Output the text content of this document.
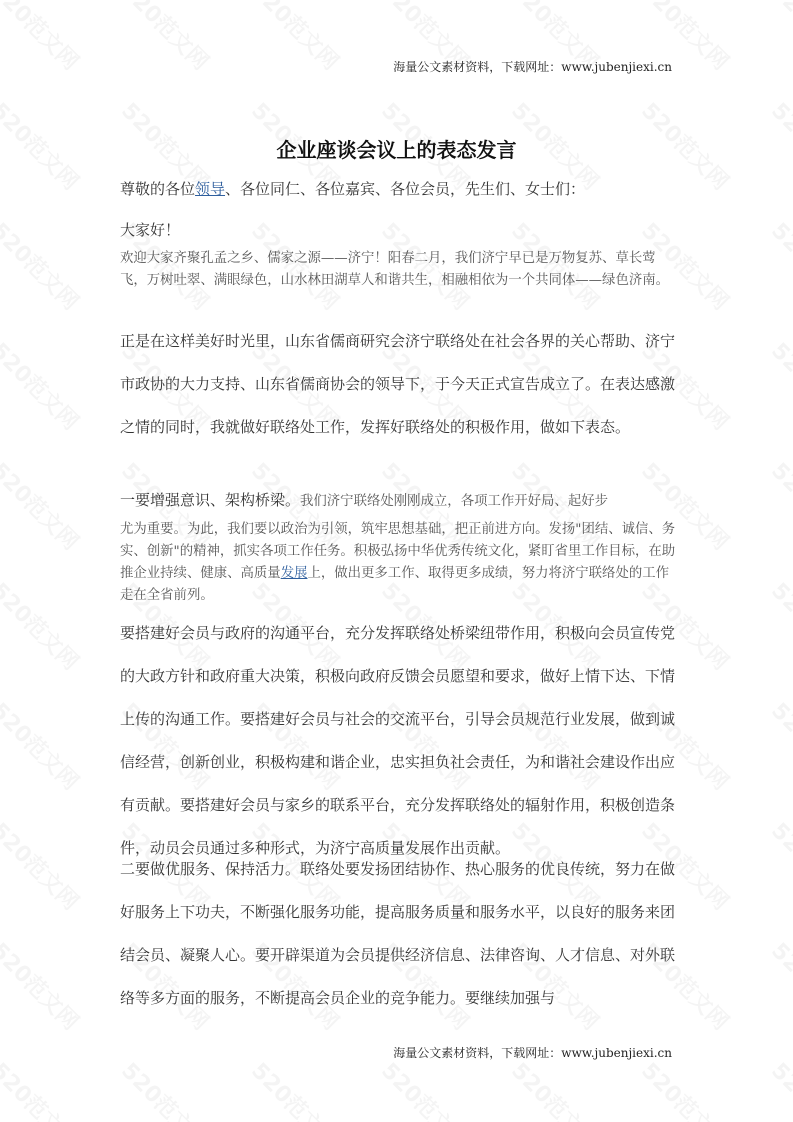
海量公文素材资料，下载网址：www.jubenjiexi.cn
企业座谈会议上的表态发言
尊敬的各位领导、各位同仁、各位嘉宾、各位会员，先生们、女士们：
大家好！
欢迎大家齐聚孔孟之乡、儒家之源——济宁！阳春二月，我们济宁早已是万物复苏、草长莺飞，万树吐翠、满眼绿色，山水林田湖草人和谐共生，相融相依为一个共同体——绿色济南。
正是在这样美好时光里，山东省儒商研究会济宁联络处在社会各界的关心帮助、济宁市政协的大力支持、山东省儒商协会的领导下，于今天正式宣告成立了。在表达感激之情的同时，我就做好联络处工作，发挥好联络处的积极作用，做如下表态。
一要增强意识、架构桥梁。我们济宁联络处刚刚成立，各项工作开好局、起好步
尤为重要。为此，我们要以政治为引领，筑牢思想基础，把正前进方向。发扬"团结、诚信、务实、创新"的精神，抓实各项工作任务。积极弘扬中华优秀传统文化，紧盯省里工作目标，在助推企业持续、健康、高质量发展上，做出更多工作、取得更多成绩，努力将济宁联络处的工作走在全省前列。
要搭建好会员与政府的沟通平台，充分发挥联络处桥梁纽带作用，积极向会员宣传党的大政方针和政府重大决策，积极向政府反馈会员愿望和要求，做好上情下达、下情上传的沟通工作。要搭建好会员与社会的交流平台，引导会员规范行业发展，做到诚信经营，创新创业，积极构建和谐企业，忠实担负社会责任，为和谐社会建设作出应有贡献。要搭建好会员与家乡的联系平台，充分发挥联络处的辐射作用，积极创造条件，动员会员通过多种形式，为济宁高质量发展作出贡献。
二要做优服务、保持活力。联络处要发扬团结协作、热心服务的优良传统，努力在做好服务上下功夫，不断强化服务功能，提高服务质量和服务水平，以良好的服务来团结会员、凝聚人心。要开辟渠道为会员提供经济信息、法律咨询、人才信息、对外联络等多方面的服务，不断提高会员企业的竞争能力。要继续加强与
海量公文素材资料，下载网址：www.jubenjiexi.cn
